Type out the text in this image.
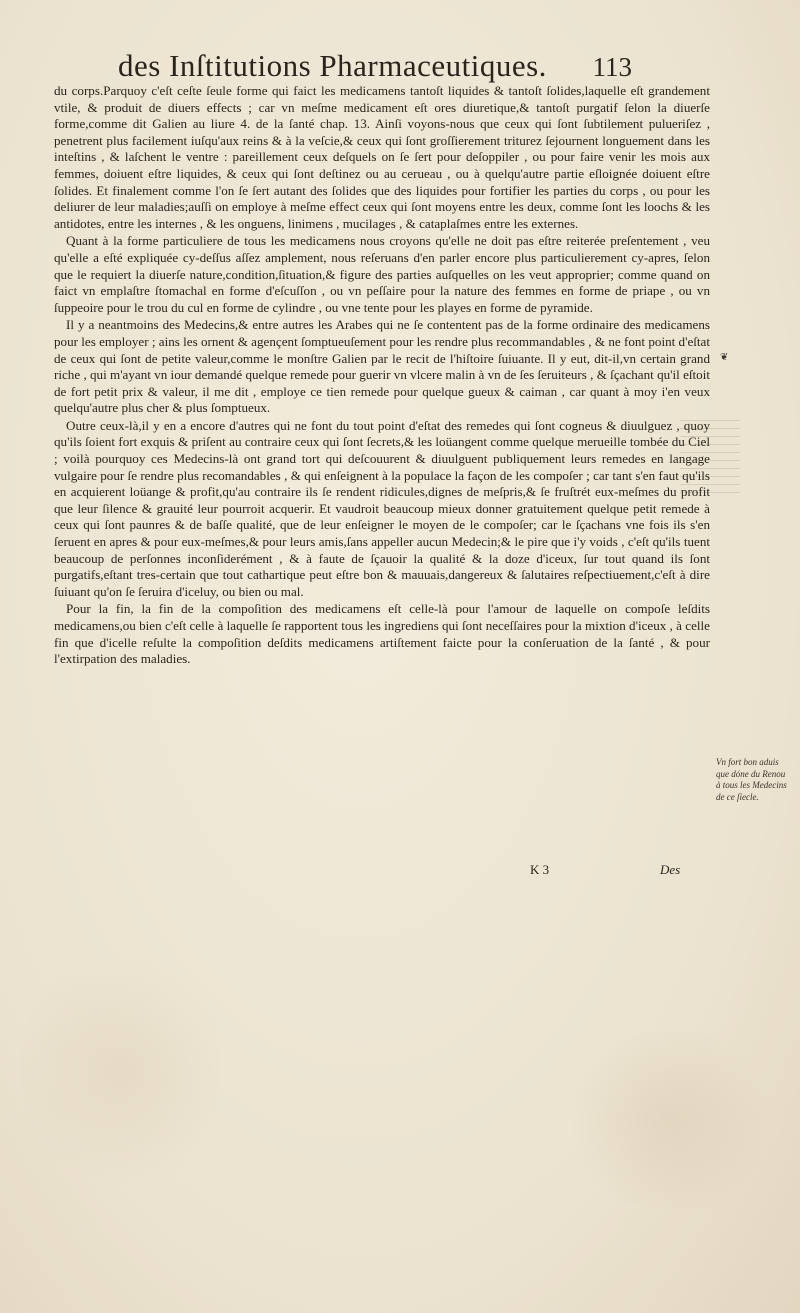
des Inſtitutions Pharmaceutiques. 113

du corps.Parquoy c'eſt ceſte ſeule forme qui faict les medicamens tantoſt liquides & tantoſt ſolides,laquelle eſt grandement vtile, & produit de diuers effects ; car vn meſme medicament eſt ores diuretique,& tantoſt purgatif ſelon la diuerſe forme,comme dit Galien au liure 4. de la ſanté chap. 13. Ainſi voyons-nous que ceux qui ſont ſubtilement pulueriſez , penetrent plus facilement iuſqu'aux reins & à la veſcie,& ceux qui ſont groſſierement triturez ſejournent longuement dans les inteſtins , & laſchent le ventre : pareillement ceux deſquels on ſe ſert pour deſoppiler , ou pour faire venir les mois aux femmes, doiuent eſtre liquides, & ceux qui ſont deſtinez ou au cerueau , ou à quelqu'autre partie eſloignée doiuent eſtre ſolides. Et finalement comme l'on ſe ſert autant des ſolides que des liquides pour fortifier les parties du corps , ou pour les deliurer de leur maladies;auſſi on employe à meſme effect ceux qui ſont moyens entre les deux, comme ſont les loochs & les antidotes, entre les internes , & les onguens, linimens , mucilages , & cataplaſmes entre les externes.

Quant à la forme particuliere de tous les medicamens nous croyons qu'elle ne doit pas eſtre reiterée preſentement , veu qu'elle a eſté expliquée cy-deſſus aſſez amplement, nous reſeruans d'en parler encore plus particulierement cy-apres, ſelon que le requiert la diuerſe nature,condition,ſituation,& figure des parties auſquelles on les veut approprier; comme quand on faict vn emplaſtre ſtomachal en forme d'eſcuſſon , ou vn peſſaire pour la nature des femmes en forme de priape , ou vn ſuppeoire pour le trou du cul en forme de cylindre , ou vne tente pour les playes en forme de pyramide.

Il y a neantmoins des Medecins,& entre autres les Arabes qui ne ſe contentent pas de la forme ordinaire des medicamens pour les employer ; ains les ornent & agençent ſomptueuſement pour les rendre plus recommandables , & ne font point d'eſtat de ceux qui ſont de petite valeur,comme le monſtre Galien par le recit de l'hiſtoire ſuiuante. Il y eut, dit-il,vn certain grand riche , qui m'ayant vn iour demandé quelque remede pour guerir vn vlcere malin à vn de ſes ſeruiteurs , & ſçachant qu'il eſtoit de fort petit prix & valeur, il me dit , employe ce tien remede pour quelque gueux & caiman , car quant à moy i'en veux quelqu'autre plus cher & plus ſomptueux.

Outre ceux-là,il y en a encore d'autres qui ne font du tout point d'eſtat des remedes qui ſont cogneus & diuulguez , quoy qu'ils ſoient fort exquis & priſent au contraire ceux qui ſont ſecrets,& les loüangent comme quelque merueille tombée du Ciel ; voilà pourquoy ces Medecins-là ont grand tort qui deſcouurent & diuulguent publiquement leurs remedes en langage vulgaire pour ſe rendre plus recomandables , & qui enſeignent à la populace la façon de les compoſer ; car tant s'en faut qu'ils en acquierent loüange & profit,qu'au contraire ils ſe rendent ridicules,dignes de meſpris,& ſe fruſtrét eux-meſmes du profit que leur ſilence & grauité leur pourroit acquerir. Et vaudroit beaucoup mieux donner gratuitement quelque petit remede à ceux qui ſont paunres & de baſſe qualité, que de leur enſeigner le moyen de le compoſer; car le ſçachans vne fois ils s'en ſeruent en apres & pour eux-meſmes,& pour leurs amis,ſans appeller aucun Medecin;& le pire que i'y voids , c'eſt qu'ils tuent beaucoup de perſonnes inconſiderément , & à faute de ſçauoir la qualité & la doze d'iceux, ſur tout quand ils ſont purgatifs,eſtant tres-certain que tout cathartique peut eſtre bon & mauuais,dangereux & ſalutaires reſpectiuement,c'eſt à dire ſuiuant qu'on ſe ſeruira d'iceluy, ou bien ou mal.

Pour la fin, la fin de la compoſition des medicamens eſt celle-là pour l'amour de laquelle on compoſe leſdits medicamens,ou bien c'eſt celle à laquelle ſe rapportent tous les ingrediens qui ſont neceſſaires pour la mixtion d'iceux , à celle fin que d'icelle reſulte la compoſition deſdits medicamens artiſtement faicte pour la conſeruation de la ſanté , & pour l'extirpation des maladies.

❦
Vn fort bon aduis que dóne du Renou à tous les Medecins de ce ſiecle.
K 3	Des
